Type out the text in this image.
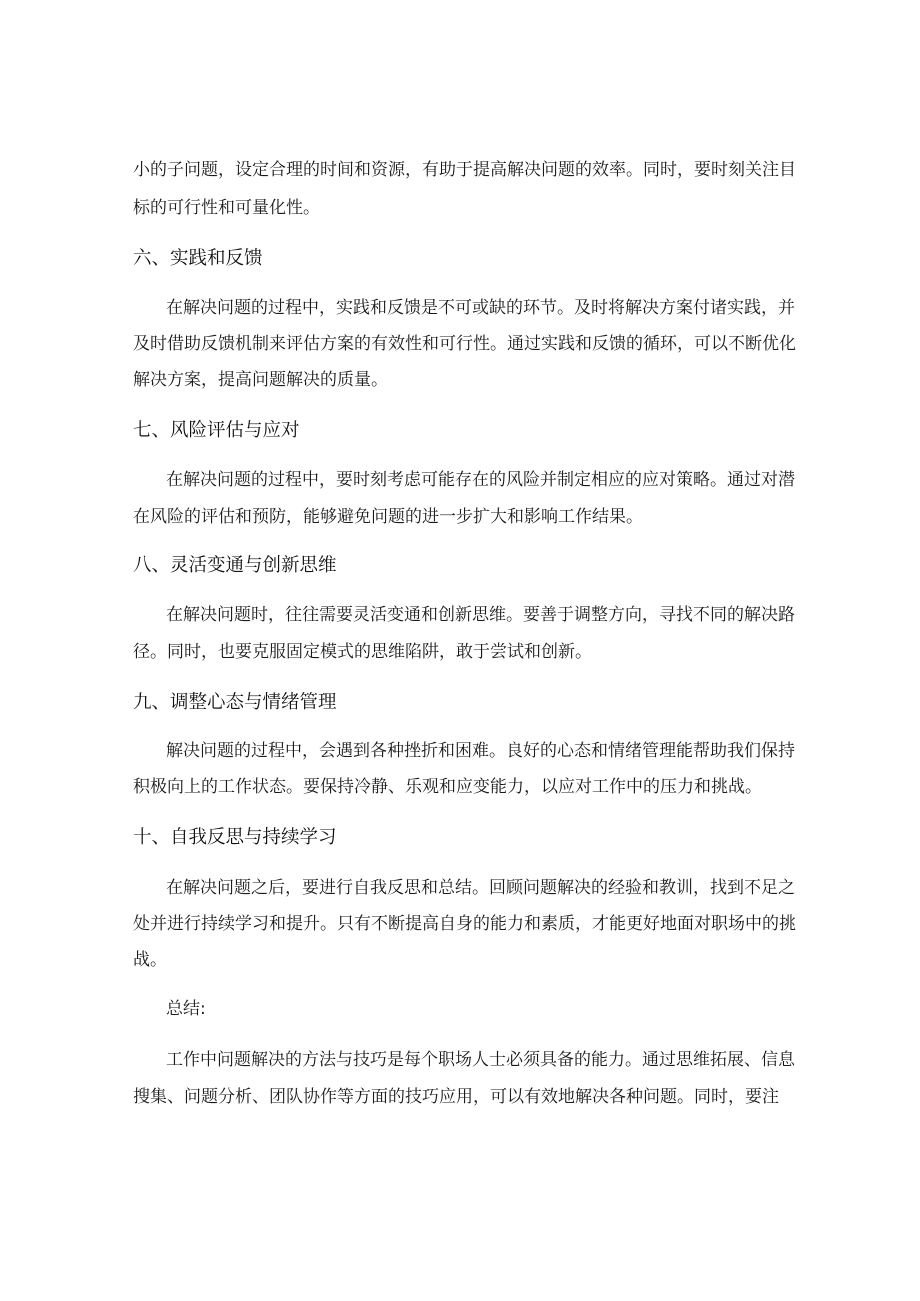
小的子问题，设定合理的时间和资源，有助于提高解决问题的效率。同时，要时刻关注目
标的可行性和可量化性。
六、实践和反馈
在解决问题的过程中，实践和反馈是不可或缺的环节。及时将解决方案付诸实践，并
及时借助反馈机制来评估方案的有效性和可行性。通过实践和反馈的循环，可以不断优化
解决方案，提高问题解决的质量。
七、风险评估与应对
在解决问题的过程中，要时刻考虑可能存在的风险并制定相应的应对策略。通过对潜
在风险的评估和预防，能够避免问题的进一步扩大和影响工作结果。
八、灵活变通与创新思维
在解决问题时，往往需要灵活变通和创新思维。要善于调整方向，寻找不同的解决路
径。同时，也要克服固定模式的思维陷阱，敢于尝试和创新。
九、调整心态与情绪管理
解决问题的过程中，会遇到各种挫折和困难。良好的心态和情绪管理能帮助我们保持
积极向上的工作状态。要保持冷静、乐观和应变能力，以应对工作中的压力和挑战。
十、自我反思与持续学习
在解决问题之后，要进行自我反思和总结。回顾问题解决的经验和教训，找到不足之
处并进行持续学习和提升。只有不断提高自身的能力和素质，才能更好地面对职场中的挑
战。
总结:
工作中问题解决的方法与技巧是每个职场人士必须具备的能力。通过思维拓展、信息
搜集、问题分析、团队协作等方面的技巧应用，可以有效地解决各种问题。同时，要注
